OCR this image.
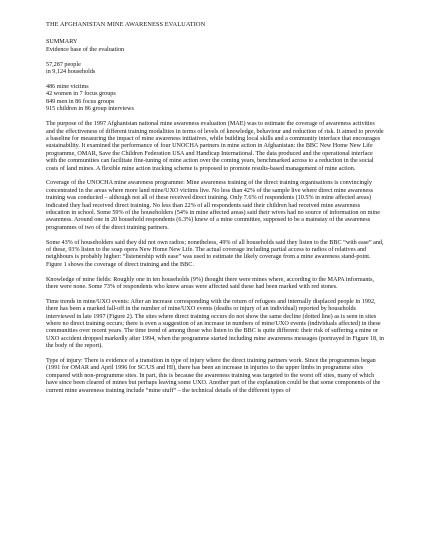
THE AFGHANISTAN MINE AWARENESS EVALUATION
SUMMARY
Evidence base of the evaluation
57,287 people
in 9,124 households
486 mine victims
42 women in 7 focus groups
849 men in 86 focus groups
915 children in 86 group interviews

The purpose of the 1997 Afghanistan national mine awareness evaluation (MAE) was to estimate the coverage of awareness activities and the effectiveness of different training modalities in terms of levels of knowledge, behaviour and reduction of risk. It aimed to provide a baseline for measuring the impact of mine awareness initiatives, while building local skills and a community interface that encourages sustainability. It examined the performance of four UNOCHA partners in mine action in Afghanistan: the BBC New Home New Life programme, OMAR, Save the Children Federation USA and Handicap International. The data produced and the operational interface with the communities can facilitate fine-tuning of mine action over the coming years, benchmarked across to a reduction in the social costs of land mines. A flexible mine action tracking scheme is proposed to promote results-based management of mine action.

Coverage of the UNOCHA mine awareness programme: Mine awareness training of the direct training organisations is convincingly concentrated in the areas where more land mine/UXO victims live. No less than 42% of the sample live where direct mine awareness training was conducted – although not all of these received direct training. Only 7.6% of respondents (10.5% in mine affected areas) indicated they had received direct training. No less than 22% of all respondents said their children had received mine awareness education in school. Some 59% of the householders (54% in mine affected areas) said their wives had no source of information on mine awareness. Around one in 20 household respondents (6.3%) knew of a mine committee, supposed to be a mainstay of the awareness programmes of two of the direct training partners.

Some 43% of householders said they did not own radios; nonetheless, 49% of all households said they listen to the BBC “with ease” and, of these, 93% listen to the soap opera New Home New Life. The actual coverage including partial access to radios of relatives and neighbours is probably higher: “listenership with ease” was used to estimate the likely coverage from a mine awareness stand-point. Figure 1 shows the coverage of direct training and the BBC.

Knowledge of mine fields: Roughly one in ten households (9%) thought there were mines where, according to the MAPA informants, there were none. Some 73% of respondents who knew areas were affected said these had been marked with red stones.

Time trends in mine/UXO events: After an increase corresponding with the return of refugees and internally displaced people in 1992, there has been a marked fall-off in the number of mine/UXO events (deaths or injury of an individual) reported by households interviewed in late 1997 (Figure 2). The sites where direct training occurs do not show the same decline (dotted line) as is seen in sites where no direct training occurs; there is even a suggestion of an increase in numbers of mine/UXO events (individuals affected) in these communities over recent years. The time trend of among those who listen to the BBC is quite different: their risk of suffering a mine or UXO accident dropped markedly after 1994, when the programme started including mine awareness messages (portrayed in Figure 18, in the body of the report).

Type of injury: There is evidence of a transition in type of injury where the direct training partners work. Since the programmes began (1991 for OMAR and April 1996 for SC/US and HI), there has been an increase in injuries to the upper limbs in programme sites compared with non-programme sites. In part, this is because the awareness training was targeted to the worst off sites, many of which have since been cleared of mines but perhaps leaving some UXO. Another part of the explanation could be that some components of the current mine awareness training include “mine stuff” – the technical details of the different types of
